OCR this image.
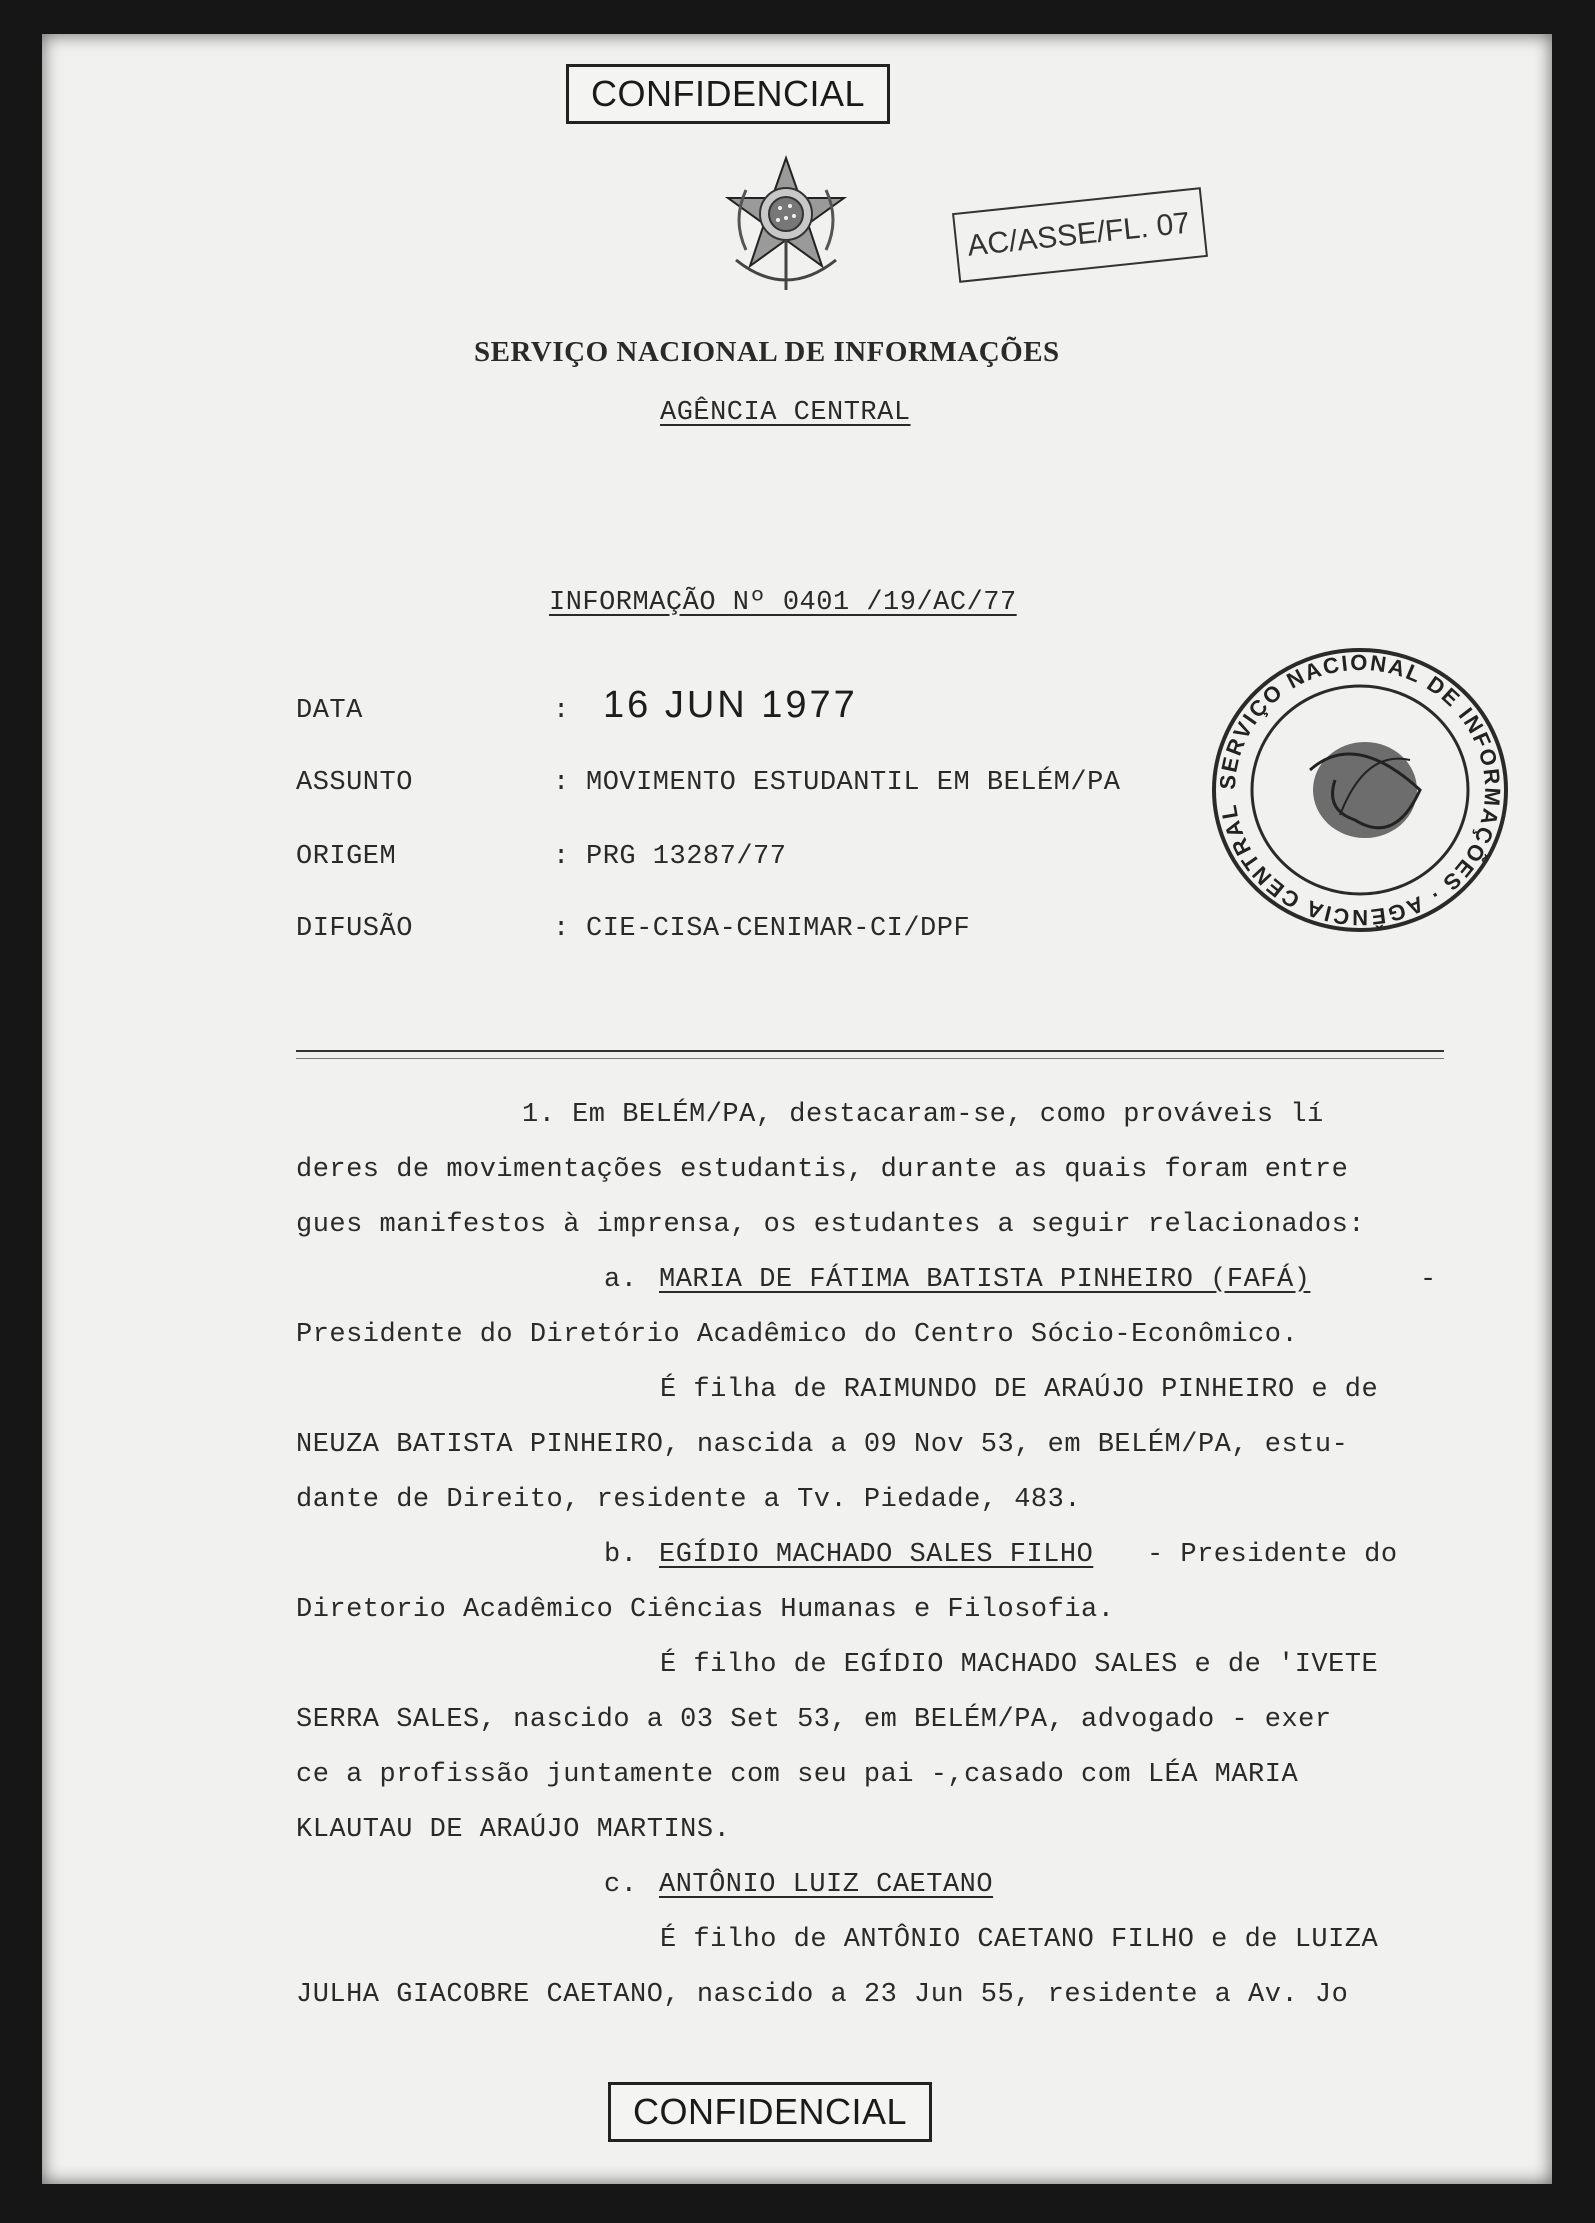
CONFIDENCIAL
AC/ASSE/FL. 07
SERVIÇO NACIONAL DE INFORMAÇÕES
AGÊNCIA CENTRAL
INFORMAÇÃO Nº 0401 /19/AC/77
DATA	: 16 JUN 1977
ASSUNTO	: MOVIMENTO ESTUDANTIL EM BELÉM/PA
ORIGEM	: PRG 13287/77
DIFUSÃO	: CIE-CISA-CENIMAR-CI/DPF
SERVIÇO NACIONAL DE INFORMAÇÕES · AGÊNCIA CENTRAL
1. Em BELÉM/PA, destacaram-se, como prováveis lí
deres de movimentações estudantis, durante as quais foram entre
gues manifestos à imprensa, os estudantes a seguir relacionados:
a. MARIA DE FÁTIMA BATISTA PINHEIRO (FAFÁ)	-
Presidente do Diretório Acadêmico do Centro Sócio-Econômico.
É filha de RAIMUNDO DE ARAÚJO PINHEIRO e de
NEUZA BATISTA PINHEIRO, nascida a 09 Nov 53, em BELÉM/PA, estu-
dante de Direito, residente a Tv. Piedade, 483.
b. EGÍDIO MACHADO SALES FILHO - Presidente do
Diretorio Acadêmico Ciências Humanas e Filosofia.
É filho de EGÍDIO MACHADO SALES e de 'IVETE
SERRA SALES, nascido a 03 Set 53, em BELÉM/PA, advogado - exer
ce a profissão juntamente com seu pai -,casado com LÉA MARIA
KLAUTAU DE ARAÚJO MARTINS.
c. ANTÔNIO LUIZ CAETANO
É filho de ANTÔNIO CAETANO FILHO e de LUIZA
JULHA GIACOBRE CAETANO, nascido a 23 Jun 55, residente a Av. Jo
CONFIDENCIAL
